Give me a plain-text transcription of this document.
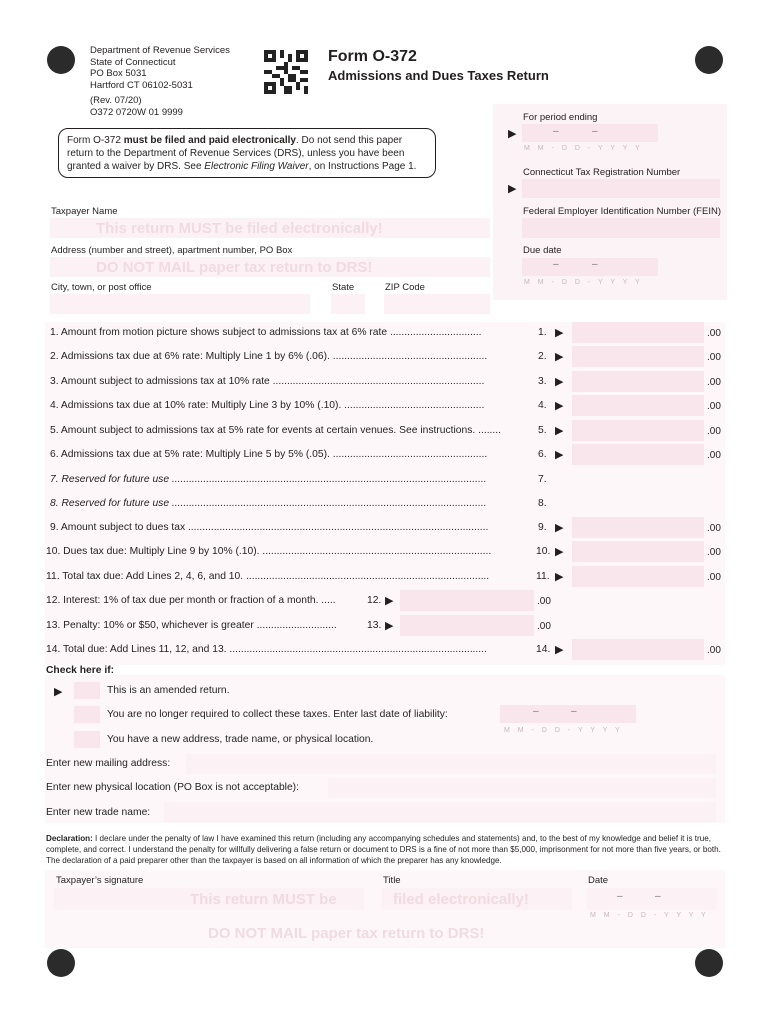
Department of Revenue Services
State of Connecticut
PO Box 5031
Hartford CT 06102-5031
(Rev. 07/20)
O372 0720W 01 9999
Form O-372
Admissions and Dues Taxes Return
Form O-372 must be filed and paid electronically. Do not send this paper return to the Department of Revenue Services (DRS), unless you have been granted a waiver by DRS. See Electronic Filing Waiver, on Instructions Page 1.
For period ending
▶	–	–
M M - D D - Y Y Y Y
Connecticut Tax Registration Number
▶
Federal Employer Identification Number (FEIN)
Due date
–	–
M M - D D - Y Y Y Y
Taxpayer Name
This return MUST be filed electronically!
Address (number and street), apartment number, PO Box
DO NOT MAIL paper tax return to DRS!
City, town, or post office	State	ZIP Code
1. Amount from motion picture shows subject to admissions tax at 6% rate ................................	1. ▶	.00
2. Admissions tax due at 6% rate: Multiply Line 1 by 6% (.06). ......................................................	2. ▶	.00
3. Amount subject to admissions tax at 10% rate ..........................................................................	3. ▶	.00
4. Admissions tax due at 10% rate: Multiply Line 3 by 10% (.10). .................................................	4. ▶	.00
5. Amount subject to admissions tax at 5% rate for events at certain venues. See instructions. ........	5. ▶	.00
6. Admissions tax due at 5% rate: Multiply Line 5 by 5% (.05). ......................................................	6. ▶	.00
7. Reserved for future use ..............................................................................................................	7.
8. Reserved for future use ..............................................................................................................	8.
9. Amount subject to dues tax .........................................................................................................	9. ▶	.00
10. Dues tax due: Multiply Line 9 by 10% (.10). ................................................................................	10. ▶	.00
11. Total tax due: Add Lines 2, 4, 6, and 10. .....................................................................................	11. ▶	.00
12. Interest: 1% of tax due per month or fraction of a month. .....	12. ▶	.00
13. Penalty: 10% or $50, whichever is greater ............................	13. ▶	.00
14. Total due: Add Lines 11, 12, and 13. ..........................................................................................	14. ▶	.00
Check here if:
▶	This is an amended return.
You are no longer required to collect these taxes. Enter last date of liability:	–	–
M M - D D - Y Y Y Y
You have a new address, trade name, or physical location.
Enter new mailing address:
Enter new physical location (PO Box is not acceptable):
Enter new trade name:
Declaration: I declare under the penalty of law I have examined this return (including any accompanying schedules and statements) and, to the best of my knowledge and belief it is true, complete, and correct. I understand the penalty for willfully delivering a false return or document to DRS is a fine of not more than $5,000, imprisonment for not more than five years, or both. The declaration of a paid preparer other than the taxpayer is based on all information of which the preparer has any knowledge.
Taxpayer’s signature	Title	Date
–	–
M M - D D - Y Y Y Y
This return MUST be	filed electronically!
DO NOT MAIL paper tax return to DRS!
